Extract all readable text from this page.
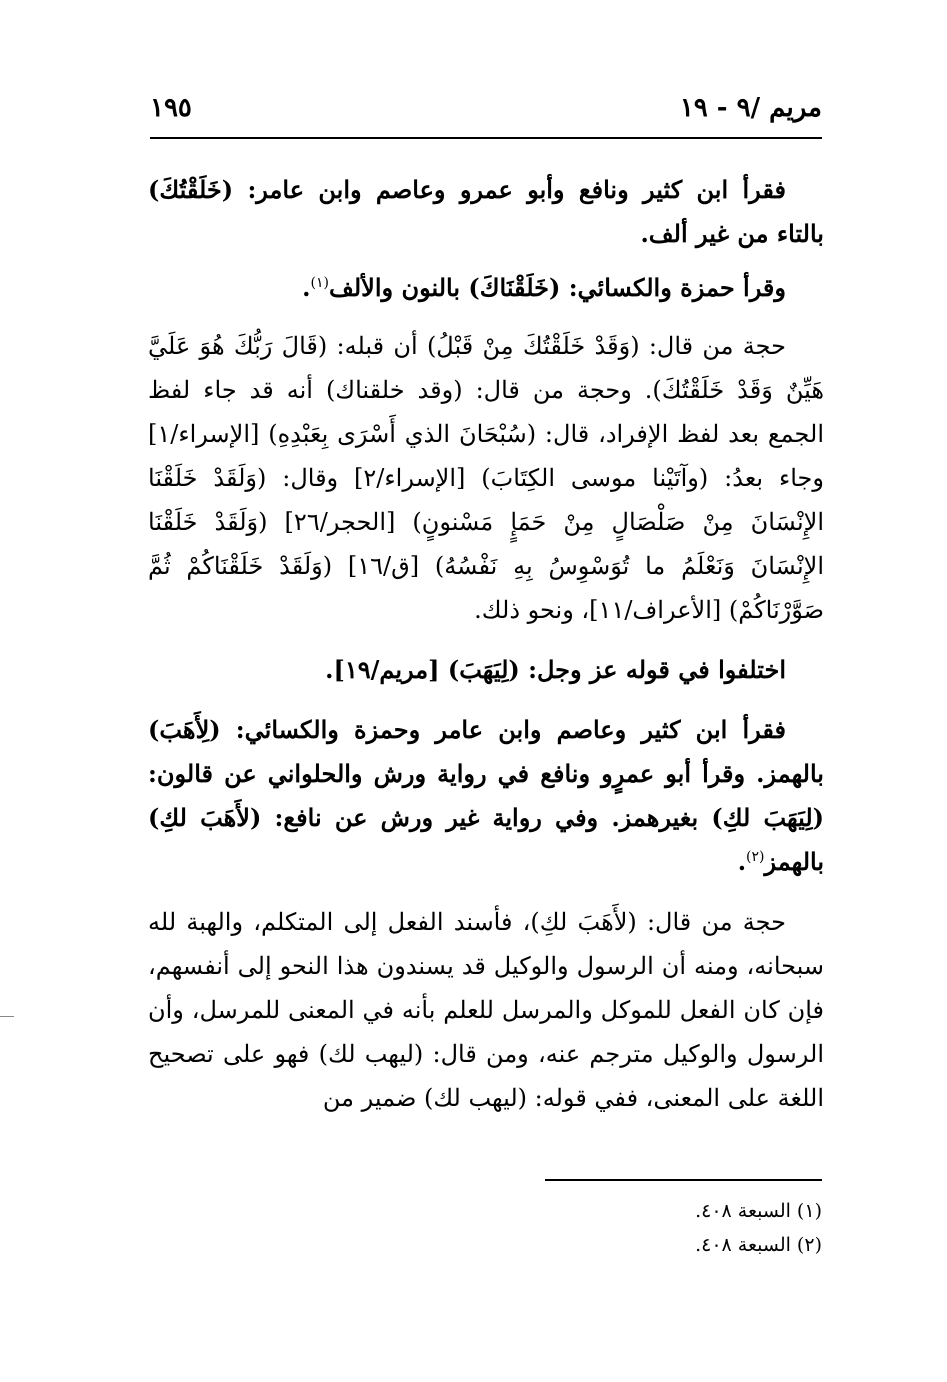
مريم /٩ - ١٩
١٩٥

فقرأ ابن كثير ونافع وأبو عمرو وعاصم وابن عامر: (خَلَقْتُكَ) بالتاء من غير ألف.

وقرأ حمزة والكسائي: (خَلَقْنَاكَ) بالنون والألف$^{(١)}$.

حجة من قال: (وَقَدْ خَلَقْتُكَ مِنْ قَبْلُ) أن قبله: (قَالَ رَبُّكَ هُوَ عَلَيَّ هَيِّنٌ وَقَدْ خَلَقْتُكَ). وحجة من قال: (وقد خلقناك) أنه قد جاء لفظ الجمع بعد لفظ الإفراد، قال: (سُبْحَانَ الذي أَسْرَى بِعَبْدِهِ) [الإسراء/١] وجاء بعدُ: (وآتَيْنا موسى الكِتَابَ) [الإسراء/٢] وقال: (وَلَقَدْ خَلَقْنَا الإِنْسَانَ مِنْ صَلْصَالٍ مِنْ حَمَإٍ مَسْنونٍ) [الحجر/٢٦] (وَلَقَدْ خَلَقْنَا الإِنْسَانَ وَنَعْلَمُ ما تُوَسْوِسُ بِهِ نَفْسُهُ) [ق/١٦] (وَلَقَدْ خَلَقْنَاكُمْ ثُمَّ صَوَّرْنَاكُمْ) [الأعراف/١١]، ونحو ذلك.

اختلفوا في قوله عز وجل: (لِيَهَبَ) [مريم/١٩].

فقرأ ابن كثير وعاصم وابن عامر وحمزة والكسائي: (لِأَهَبَ) بالهمز. وقرأ أبو عمرٍو ونافع في رواية ورش والحلواني عن قالون: (لِيَهَبَ لكِ) بغيرهمز. وفي رواية غير ورش عن نافع: (لأَهَبَ لكِ) بالهمز$^{(٢)}$.

حجة من قال: (لأَهَبَ لكِ)، فأسند الفعل إلى المتكلم، والهبة لله سبحانه، ومنه أن الرسول والوكيل قد يسندون هذا النحو إلى أنفسهم، فإن كان الفعل للموكل والمرسل للعلم بأنه في المعنى للمرسل، وأن الرسول والوكيل مترجم عنه، ومن قال: (ليهب لك) فهو على تصحيح اللغة على المعنى، ففي قوله: (ليهب لك) ضمير من

(١) السبعة ٤٠٨.

(٢) السبعة ٤٠٨.
